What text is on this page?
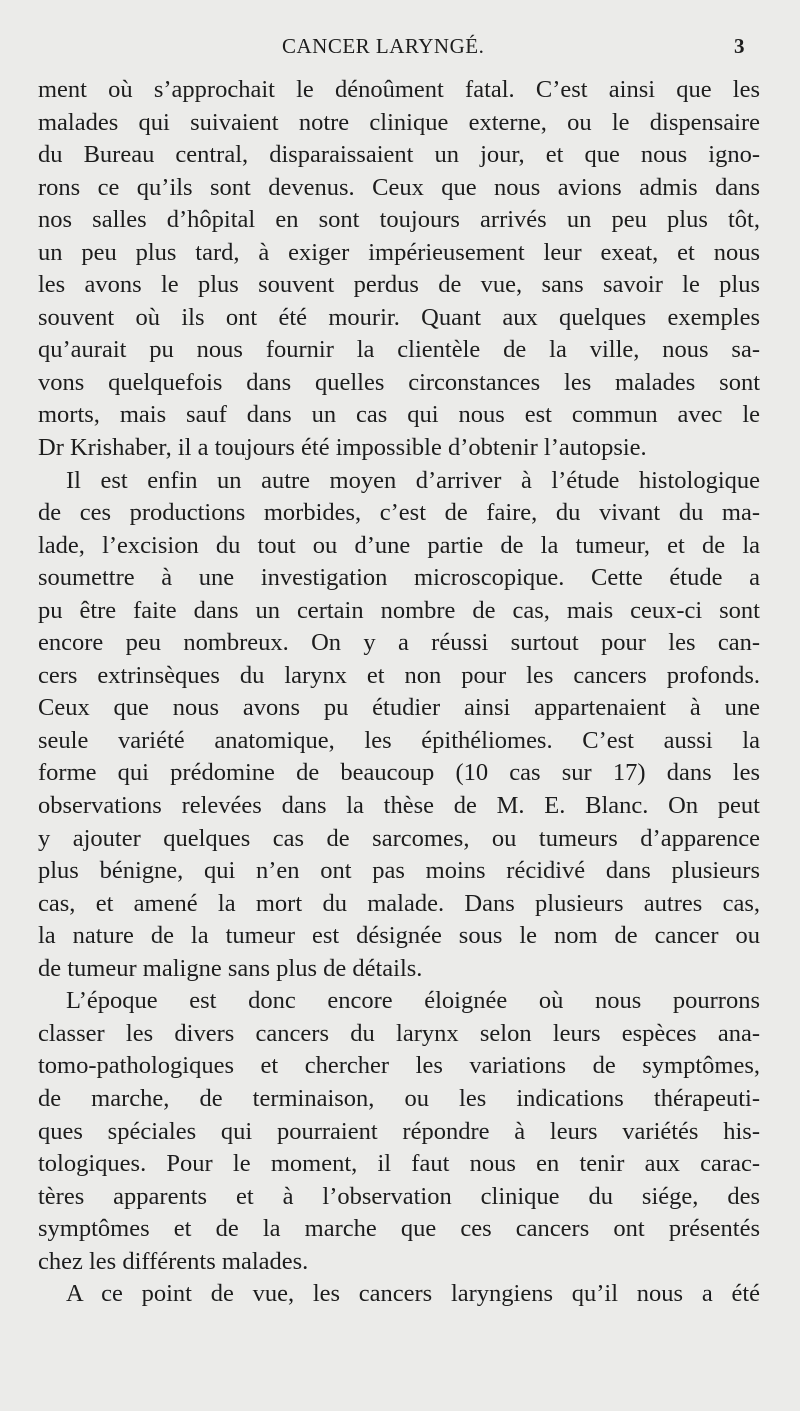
CANCER LARYNGÉ.	3
ment où s’approchait le dénoûment fatal. C’est ainsi que les
malades qui suivaient notre clinique externe, ou le dispensaire
du Bureau central, disparaissaient un jour, et que nous igno-
rons ce qu’ils sont devenus. Ceux que nous avions admis dans
nos salles d’hôpital en sont toujours arrivés un peu plus tôt,
un peu plus tard, à exiger impérieusement leur exeat, et nous
les avons le plus souvent perdus de vue, sans savoir le plus
souvent où ils ont été mourir. Quant aux quelques exemples
qu’aurait pu nous fournir la clientèle de la ville, nous sa-
vons quelquefois dans quelles circonstances les malades sont
morts, mais sauf dans un cas qui nous est commun avec le
Dr Krishaber, il a toujours été impossible d’obtenir l’autopsie.
Il est enfin un autre moyen d’arriver à l’étude histologique
de ces productions morbides, c’est de faire, du vivant du ma-
lade, l’excision du tout ou d’une partie de la tumeur, et de la
soumettre à une investigation microscopique. Cette étude a
pu être faite dans un certain nombre de cas, mais ceux-ci sont
encore peu nombreux. On y a réussi surtout pour les can-
cers extrinsèques du larynx et non pour les cancers profonds.
Ceux que nous avons pu étudier ainsi appartenaient à une
seule variété anatomique, les épithéliomes. C’est aussi la
forme qui prédomine de beaucoup (10 cas sur 17) dans les
observations relevées dans la thèse de M. E. Blanc. On peut
y ajouter quelques cas de sarcomes, ou tumeurs d’apparence
plus bénigne, qui n’en ont pas moins récidivé dans plusieurs
cas, et amené la mort du malade. Dans plusieurs autres cas,
la nature de la tumeur est désignée sous le nom de cancer ou
de tumeur maligne sans plus de détails.
L’époque est donc encore éloignée où nous pourrons
classer les divers cancers du larynx selon leurs espèces ana-
tomo-pathologiques et chercher les variations de symptômes,
de marche, de terminaison, ou les indications thérapeuti-
ques spéciales qui pourraient répondre à leurs variétés his-
tologiques. Pour le moment, il faut nous en tenir aux carac-
tères apparents et à l’observation clinique du siége, des
symptômes et de la marche que ces cancers ont présentés
chez les différents malades.
A ce point de vue, les cancers laryngiens qu’il nous a été
